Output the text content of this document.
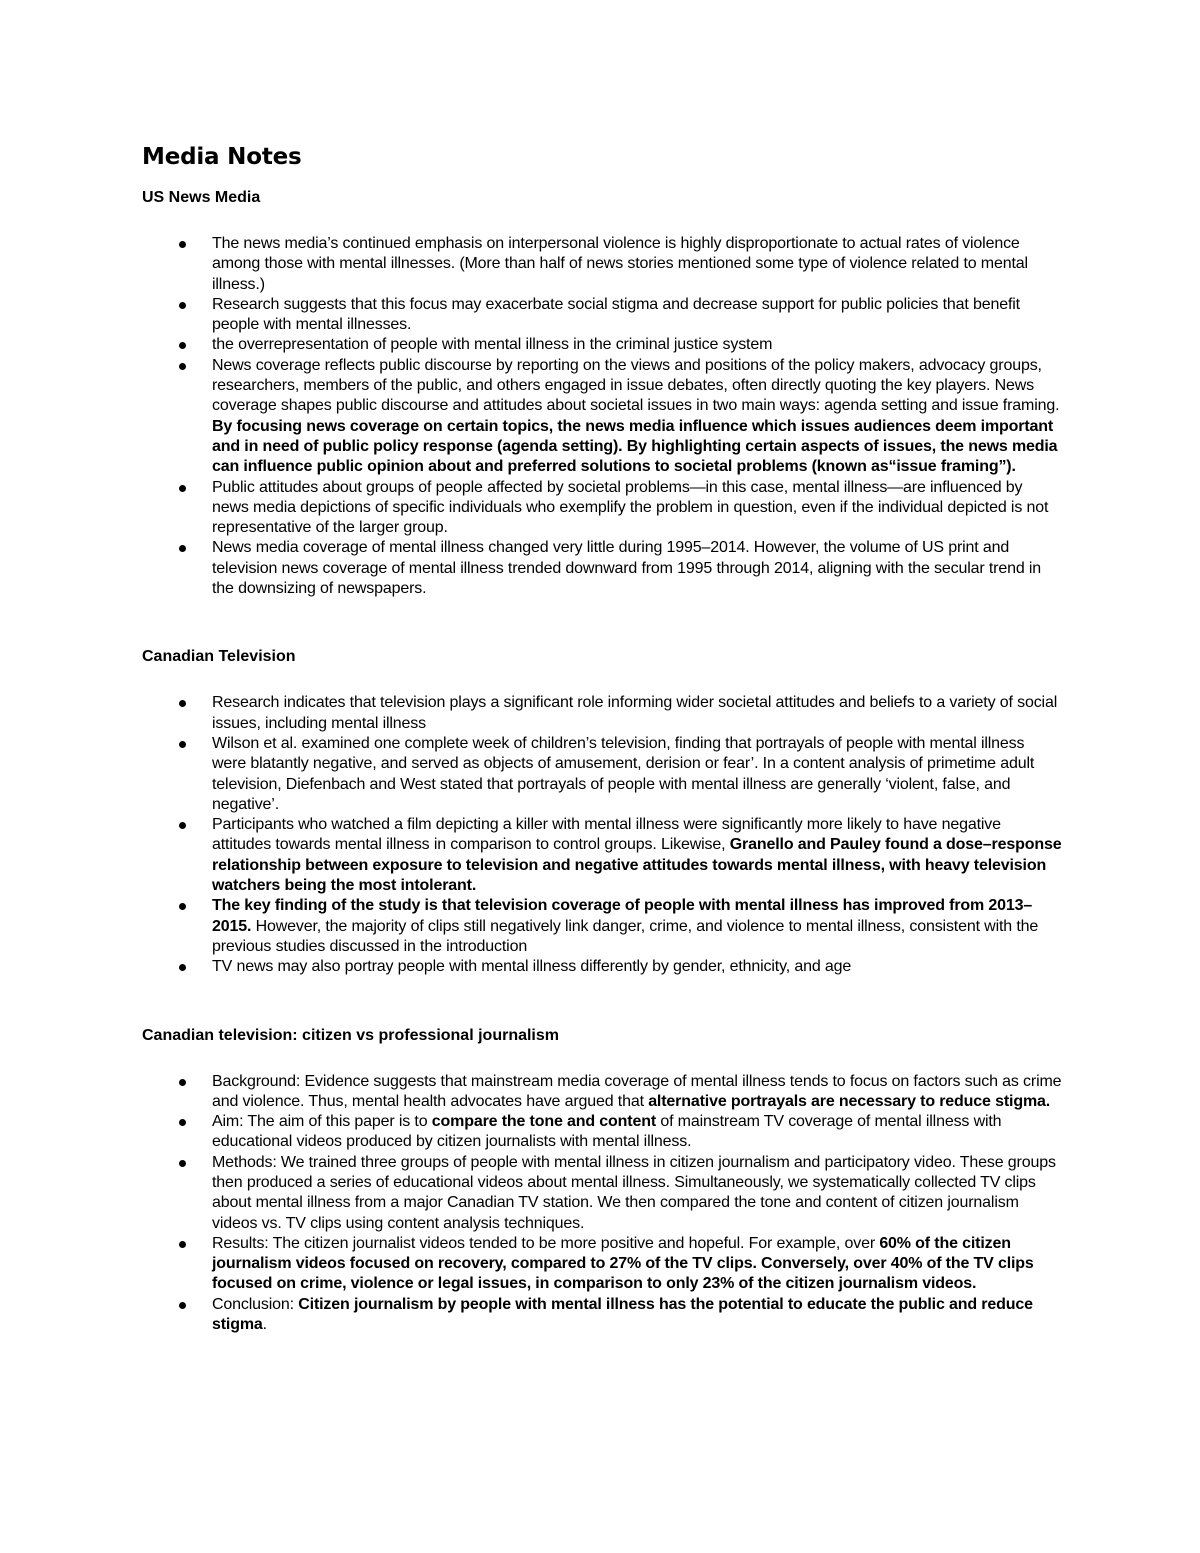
Media Notes
US News Media
The news media’s continued emphasis on interpersonal violence is highly disproportionate to actual rates of violence among those with mental illnesses. (More than half of news stories mentioned some type of violence related to mental illness.)
Research suggests that this focus may exacerbate social stigma and decrease support for public policies that benefit people with mental illnesses.
the overrepresentation of people with mental illness in the criminal justice system
News coverage reflects public discourse by reporting on the views and positions of the policy makers, advocacy groups, researchers, members of the public, and others engaged in issue debates, often directly quoting the key players. News coverage shapes public discourse and attitudes about societal issues in two main ways: agenda setting and issue framing. By focusing news coverage on certain topics, the news media influence which issues audiences deem important and in need of public policy response (agenda setting). By highlighting certain aspects of issues, the news media can influence public opinion about and preferred solutions to societal problems (known as“issue framing”).
Public attitudes about groups of people affected by societal problems—in this case, mental illness—are influenced by news media depictions of specific individuals who exemplify the problem in question, even if the individual depicted is not representative of the larger group.
News media coverage of mental illness changed very little during 1995–2014. However, the volume of US print and television news coverage of mental illness trended downward from 1995 through 2014, aligning with the secular trend in the downsizing of newspapers.
Canadian Television
Research indicates that television plays a significant role informing wider societal attitudes and beliefs to a variety of social issues, including mental illness
Wilson et al. examined one complete week of children’s television, finding that portrayals of people with mental illness were blatantly negative, and served as objects of amusement, derision or fear’. In a content analysis of primetime adult television, Diefenbach and West stated that portrayals of people with mental illness are generally ‘violent, false, and negative’.
Participants who watched a film depicting a killer with mental illness were significantly more likely to have negative attitudes towards mental illness in comparison to control groups. Likewise, Granello and Pauley found a dose–response relationship between exposure to television and negative attitudes towards mental illness, with heavy television watchers being the most intolerant.
The key finding of the study is that television coverage of people with mental illness has improved from 2013–2015. However, the majority of clips still negatively link danger, crime, and violence to mental illness, consistent with the previous studies discussed in the introduction
TV news may also portray people with mental illness differently by gender, ethnicity, and age
Canadian television: citizen vs professional journalism
Background: Evidence suggests that mainstream media coverage of mental illness tends to focus on factors such as crime and violence. Thus, mental health advocates have argued that alternative portrayals are necessary to reduce stigma.
Aim: The aim of this paper is to compare the tone and content of mainstream TV coverage of mental illness with educational videos produced by citizen journalists with mental illness.
Methods: We trained three groups of people with mental illness in citizen journalism and participatory video. These groups then produced a series of educational videos about mental illness. Simultaneously, we systematically collected TV clips about mental illness from a major Canadian TV station. We then compared the tone and content of citizen journalism videos vs. TV clips using content analysis techniques.
Results: The citizen journalist videos tended to be more positive and hopeful. For example, over 60% of the citizen journalism videos focused on recovery, compared to 27% of the TV clips. Conversely, over 40% of the TV clips focused on crime, violence or legal issues, in comparison to only 23% of the citizen journalism videos.
Conclusion: Citizen journalism by people with mental illness has the potential to educate the public and reduce stigma.
